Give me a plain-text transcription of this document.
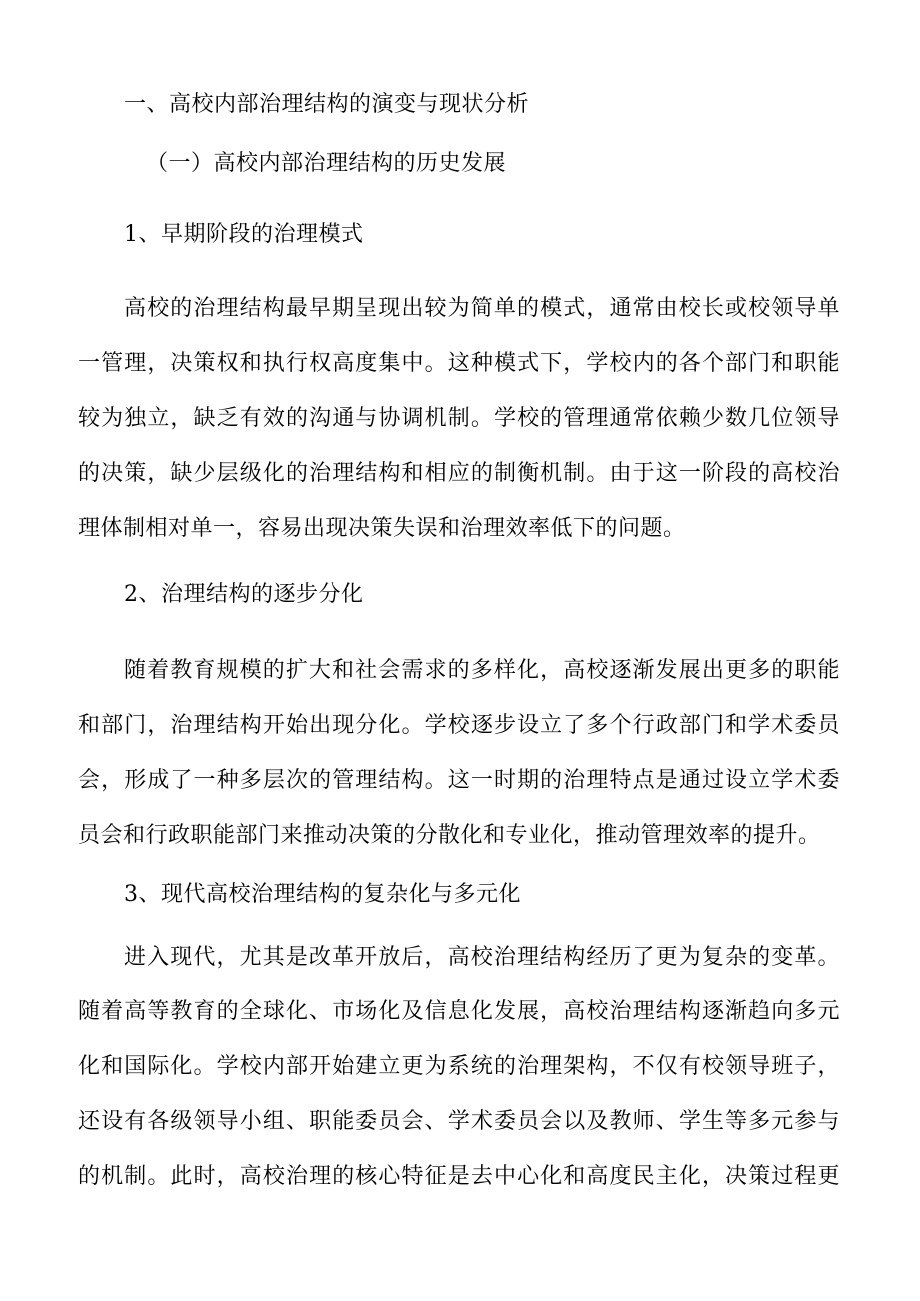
一、高校内部治理结构的演变与现状分析
（一）高校内部治理结构的历史发展
1、早期阶段的治理模式
高校的治理结构最早期呈现出较为简单的模式，通常由校长或校领导单
一管理，决策权和执行权高度集中。这种模式下，学校内的各个部门和职能
较为独立，缺乏有效的沟通与协调机制。学校的管理通常依赖少数几位领导
的决策，缺少层级化的治理结构和相应的制衡机制。由于这一阶段的高校治
理体制相对单一，容易出现决策失误和治理效率低下的问题。
2、治理结构的逐步分化
随着教育规模的扩大和社会需求的多样化，高校逐渐发展出更多的职能
和部门，治理结构开始出现分化。学校逐步设立了多个行政部门和学术委员
会，形成了一种多层次的管理结构。这一时期的治理特点是通过设立学术委
员会和行政职能部门来推动决策的分散化和专业化，推动管理效率的提升。
3、现代高校治理结构的复杂化与多元化
进入现代，尤其是改革开放后，高校治理结构经历了更为复杂的变革。
随着高等教育的全球化、市场化及信息化发展，高校治理结构逐渐趋向多元
化和国际化。学校内部开始建立更为系统的治理架构，不仅有校领导班子，
还设有各级领导小组、职能委员会、学术委员会以及教师、学生等多元参与
的机制。此时，高校治理的核心特征是去中心化和高度民主化，决策过程更
